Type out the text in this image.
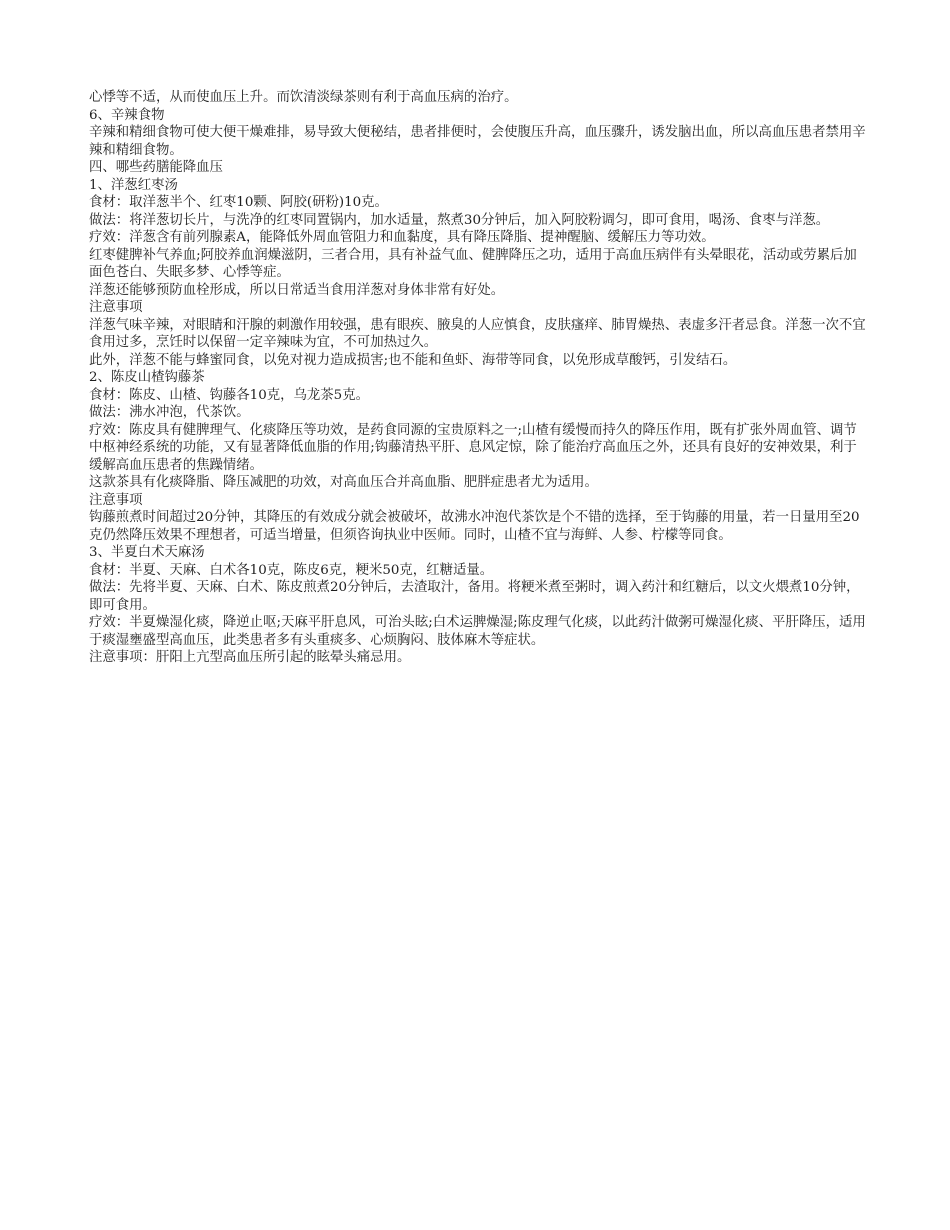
心悸等不适，从而使血压上升。而饮清淡绿茶则有利于高血压病的治疗。

6、辛辣食物

辛辣和精细食物可使大便干燥难排，易导致大便秘结，患者排便时，会使腹压升高，血压骤升，诱发脑出血，所以高血压患者禁用辛辣和精细食物。

四、哪些药膳能降血压

1、洋葱红枣汤

食材：取洋葱半个、红枣10颗、阿胶(研粉)10克。

做法：将洋葱切长片，与洗净的红枣同置锅内，加水适量，熬煮30分钟后，加入阿胶粉调匀，即可食用，喝汤、食枣与洋葱。

疗效：洋葱含有前列腺素A，能降低外周血管阻力和血黏度，具有降压降脂、提神醒脑、缓解压力等功效。

红枣健脾补气养血;阿胶养血润燥滋阴，三者合用，具有补益气血、健脾降压之功，适用于高血压病伴有头晕眼花，活动或劳累后加面色苍白、失眠多梦、心悸等症。

洋葱还能够预防血栓形成，所以日常适当食用洋葱对身体非常有好处。

注意事项

洋葱气味辛辣，对眼睛和汗腺的刺激作用较强，患有眼疾、腋臭的人应慎食，皮肤瘙痒、肺胃燥热、表虚多汗者忌食。洋葱一次不宜食用过多，烹饪时以保留一定辛辣味为宜，不可加热过久。

此外，洋葱不能与蜂蜜同食，以免对视力造成损害;也不能和鱼虾、海带等同食，以免形成草酸钙，引发结石。

2、陈皮山楂钩藤茶

食材：陈皮、山楂、钩藤各10克，乌龙茶5克。

做法：沸水冲泡，代茶饮。

疗效：陈皮具有健脾理气、化痰降压等功效，是药食同源的宝贵原料之一;山楂有缓慢而持久的降压作用，既有扩张外周血管、调节中枢神经系统的功能，又有显著降低血脂的作用;钩藤清热平肝、息风定惊，除了能治疗高血压之外，还具有良好的安神效果，利于缓解高血压患者的焦躁情绪。

这款茶具有化痰降脂、降压减肥的功效，对高血压合并高血脂、肥胖症患者尤为适用。

注意事项

钩藤煎煮时间超过20分钟，其降压的有效成分就会被破坏，故沸水冲泡代茶饮是个不错的选择，至于钩藤的用量，若一日量用至20克仍然降压效果不理想者，可适当增量，但须咨询执业中医师。同时，山楂不宜与海鲜、人参、柠檬等同食。

3、半夏白术天麻汤

食材：半夏、天麻、白术各10克，陈皮6克，粳米50克，红糖适量。

做法：先将半夏、天麻、白术、陈皮煎煮20分钟后，去渣取汁，备用。将粳米煮至粥时，调入药汁和红糖后，以文火煨煮10分钟，即可食用。

疗效：半夏燥湿化痰，降逆止呕;天麻平肝息风，可治头眩;白术运脾燥湿;陈皮理气化痰，以此药汁做粥可燥湿化痰、平肝降压，适用于痰湿壅盛型高血压，此类患者多有头重痰多、心烦胸闷、肢体麻木等症状。

注意事项：肝阳上亢型高血压所引起的眩晕头痛忌用。
